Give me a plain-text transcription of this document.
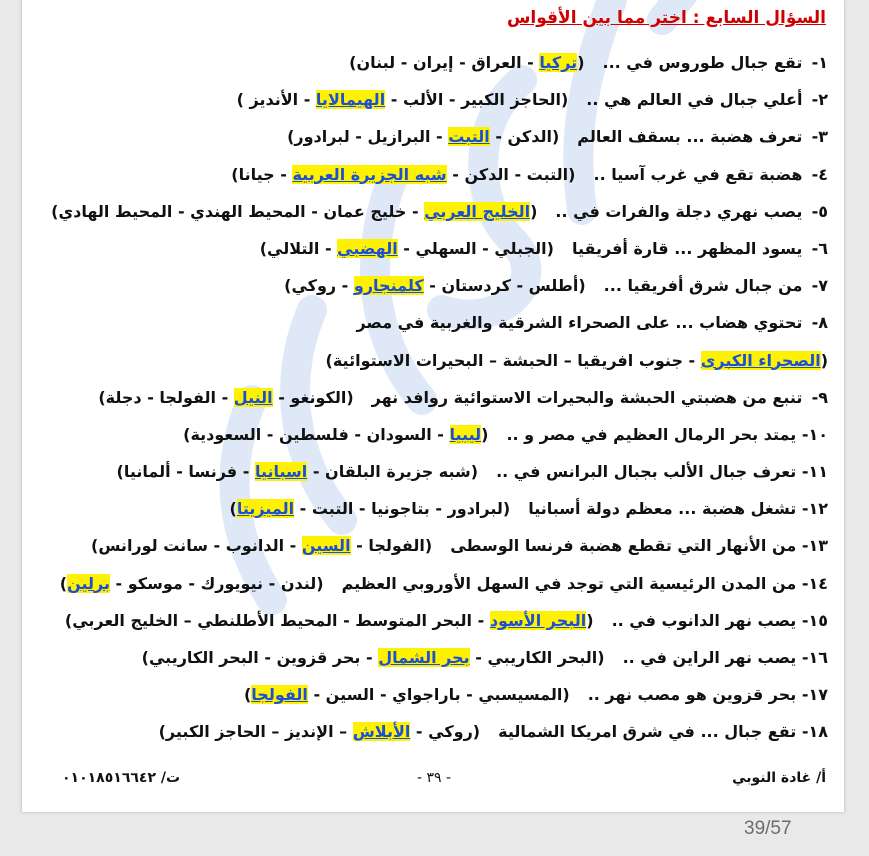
السؤال السابع : اختر مما بين الأقواس
١- تقع جبال طوروس في ...(تركيا - العراق - إيران - لبنان)
٢- أعلي جبال في العالم هي ..(الحاجز الكبير - الألب - الهيمالايا - الأنديز )
٣- تعرف هضبة ... بسقف العالم(الدكن - التبت - البرازيل - لبرادور)
٤- هضبة تقع في غرب آسيا ..(التبت - الدكن - شبه الجزيرة العربية - جيانا)
٥- يصب نهري دجلة والفرات في ..(الخليج العربي - خليج عمان - المحيط الهندي - المحيط الهادي)
٦- يسود المظهر ... قارة أفريقيا(الجبلي - السهلي - الهضبي - التلالي)
٧- من جبال شرق أفريقيا ...(أطلس - كردستان - كلمنجارو - روكي)
٨- تحتوي هضاب ... على الصحراء الشرقية والغربية في مصر
(الصحراء الكبرى - جنوب افريقيا – الحبشة – البحيرات الاستوائية)
٩- تنبع من هضبتي الحبشة والبحيرات الاستوائية روافد نهر(الكونغو - النيل - الفولجا - دجلة)
١٠- يمتد بحر الرمال العظيم في مصر و ..(ليبيا - السودان - فلسطين - السعودية)
١١- تعرف جبال الألب بجبال البرانس في ..(شبه جزيرة البلقان - اسبانيا - فرنسا - ألمانيا)
١٢- تشغل هضبة ... معظم دولة أسبانيا(لبرادور - بتاجونيا - التبت - الميزيتا)
١٣- من الأنهار التي تقطع هضبة فرنسا الوسطى(الفولجا - السين - الدانوب - سانت لورانس)
١٤- من المدن الرئيسية التي توجد في السهل الأوروبي العظيم(لندن - نيويورك - موسكو - برلين)
١٥- يصب نهر الدانوب في ..(البحر الأسود - البحر المتوسط - المحيط الأطلنطي – الخليج العربي)
١٦- يصب نهر الراين في ..(البحر الكاريبي - بحر الشمال - بحر قزوين - البحر الكاريبي)
١٧- بحر قزوين هو مصب نهر ..(المسيسبي - باراجواي - السين - الفولجا)
١٨- تقع جبال ... في شرق امريكا الشمالية(روكي - الأبلاش – الإنديز – الحاجز الكبير)
أ/ غادة النوبي
- ٣٩ -
ت/ ٠١٠١٨٥١٦٦٤٢
39/57
